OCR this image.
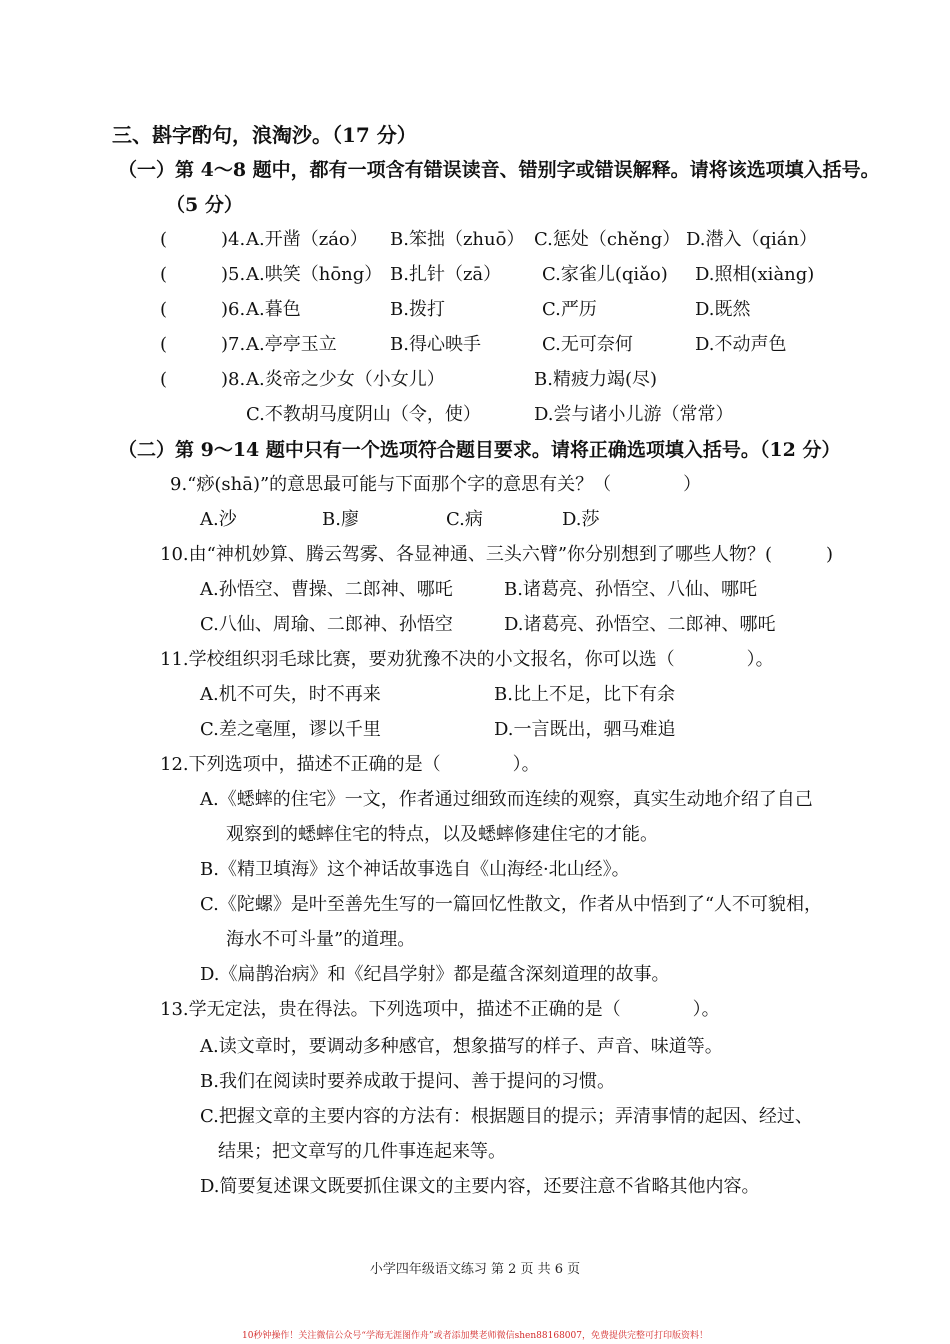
三、斟字酌句，浪淘沙。（17 分）
（一）第 4～8 题中，都有一项含有错误读音、错别字或错误解释。请将该选项填入括号。
（5 分）
(　　　)4. A.开凿（záo） B.笨拙（zhuō） C.惩处（chěng） D.潜入（qián）
(　　　)5. A.哄笑（hōng） B.扎针（zā） C.家雀儿(qiǎo) D.照相(xiàng)
(　　　)6. A.暮色	B.拨打	C.严历	D.既然
(　　　)7. A.亭亭玉立	B.得心映手	C.无可奈何	D.不动声色
(　　　)8. A.炎帝之少女（小女儿）	B.精疲力竭(尽)
C.不教胡马度阴山（令，使）	D.尝与诸小儿游（常常）
（二）第 9～14 题中只有一个选项符合题目要求。请将正确选项填入括号。（12 分）
9.“痧(shā)”的意思最可能与下面那个字的意思有关？（　　　　）
A.沙	B.廖	C.病	D.莎
10.由“神机妙算、腾云驾雾、各显神通、三头六臂”你分别想到了哪些人物？(　　　)
A.孙悟空、曹操、二郎神、哪吒	B.诸葛亮、孙悟空、八仙、哪吒
C.八仙、周瑜、二郎神、孙悟空	D.诸葛亮、孙悟空、二郎神、哪吒
11.学校组织羽毛球比赛，要劝犹豫不决的小文报名，你可以选（　　　　）。
A.机不可失，时不再来	B.比上不足，比下有余
C.差之毫厘，谬以千里	D.一言既出，驷马难追
12.下列选项中，描述不正确的是（　　　　）。
A.《蟋蟀的住宅》一文，作者通过细致而连续的观察，真实生动地介绍了自己
观察到的蟋蟀住宅的特点，以及蟋蟀修建住宅的才能。
B.《精卫填海》这个神话故事选自《山海经·北山经》。
C.《陀螺》是叶至善先生写的一篇回忆性散文，作者从中悟到了“人不可貌相，
海水不可斗量”的道理。
D.《扁鹊治病》和《纪昌学射》都是蕴含深刻道理的故事。
13.学无定法，贵在得法。下列选项中，描述不正确的是（　　　　）。
A.读文章时，要调动多种感官，想象描写的样子、声音、味道等。
B.我们在阅读时要养成敢于提问、善于提问的习惯。
C.把握文章的主要内容的方法有：根据题目的提示；弄清事情的起因、经过、
结果；把文章写的几件事连起来等。
D.简要复述课文既要抓住课文的主要内容，还要注意不省略其他内容。
小学四年级语文练习 第 2 页 共 6 页
10秒钟操作！关注微信公众号“学海无涯图作舟”或者添加樊老师微信shen88168007，免费提供完整可打印版资料！
